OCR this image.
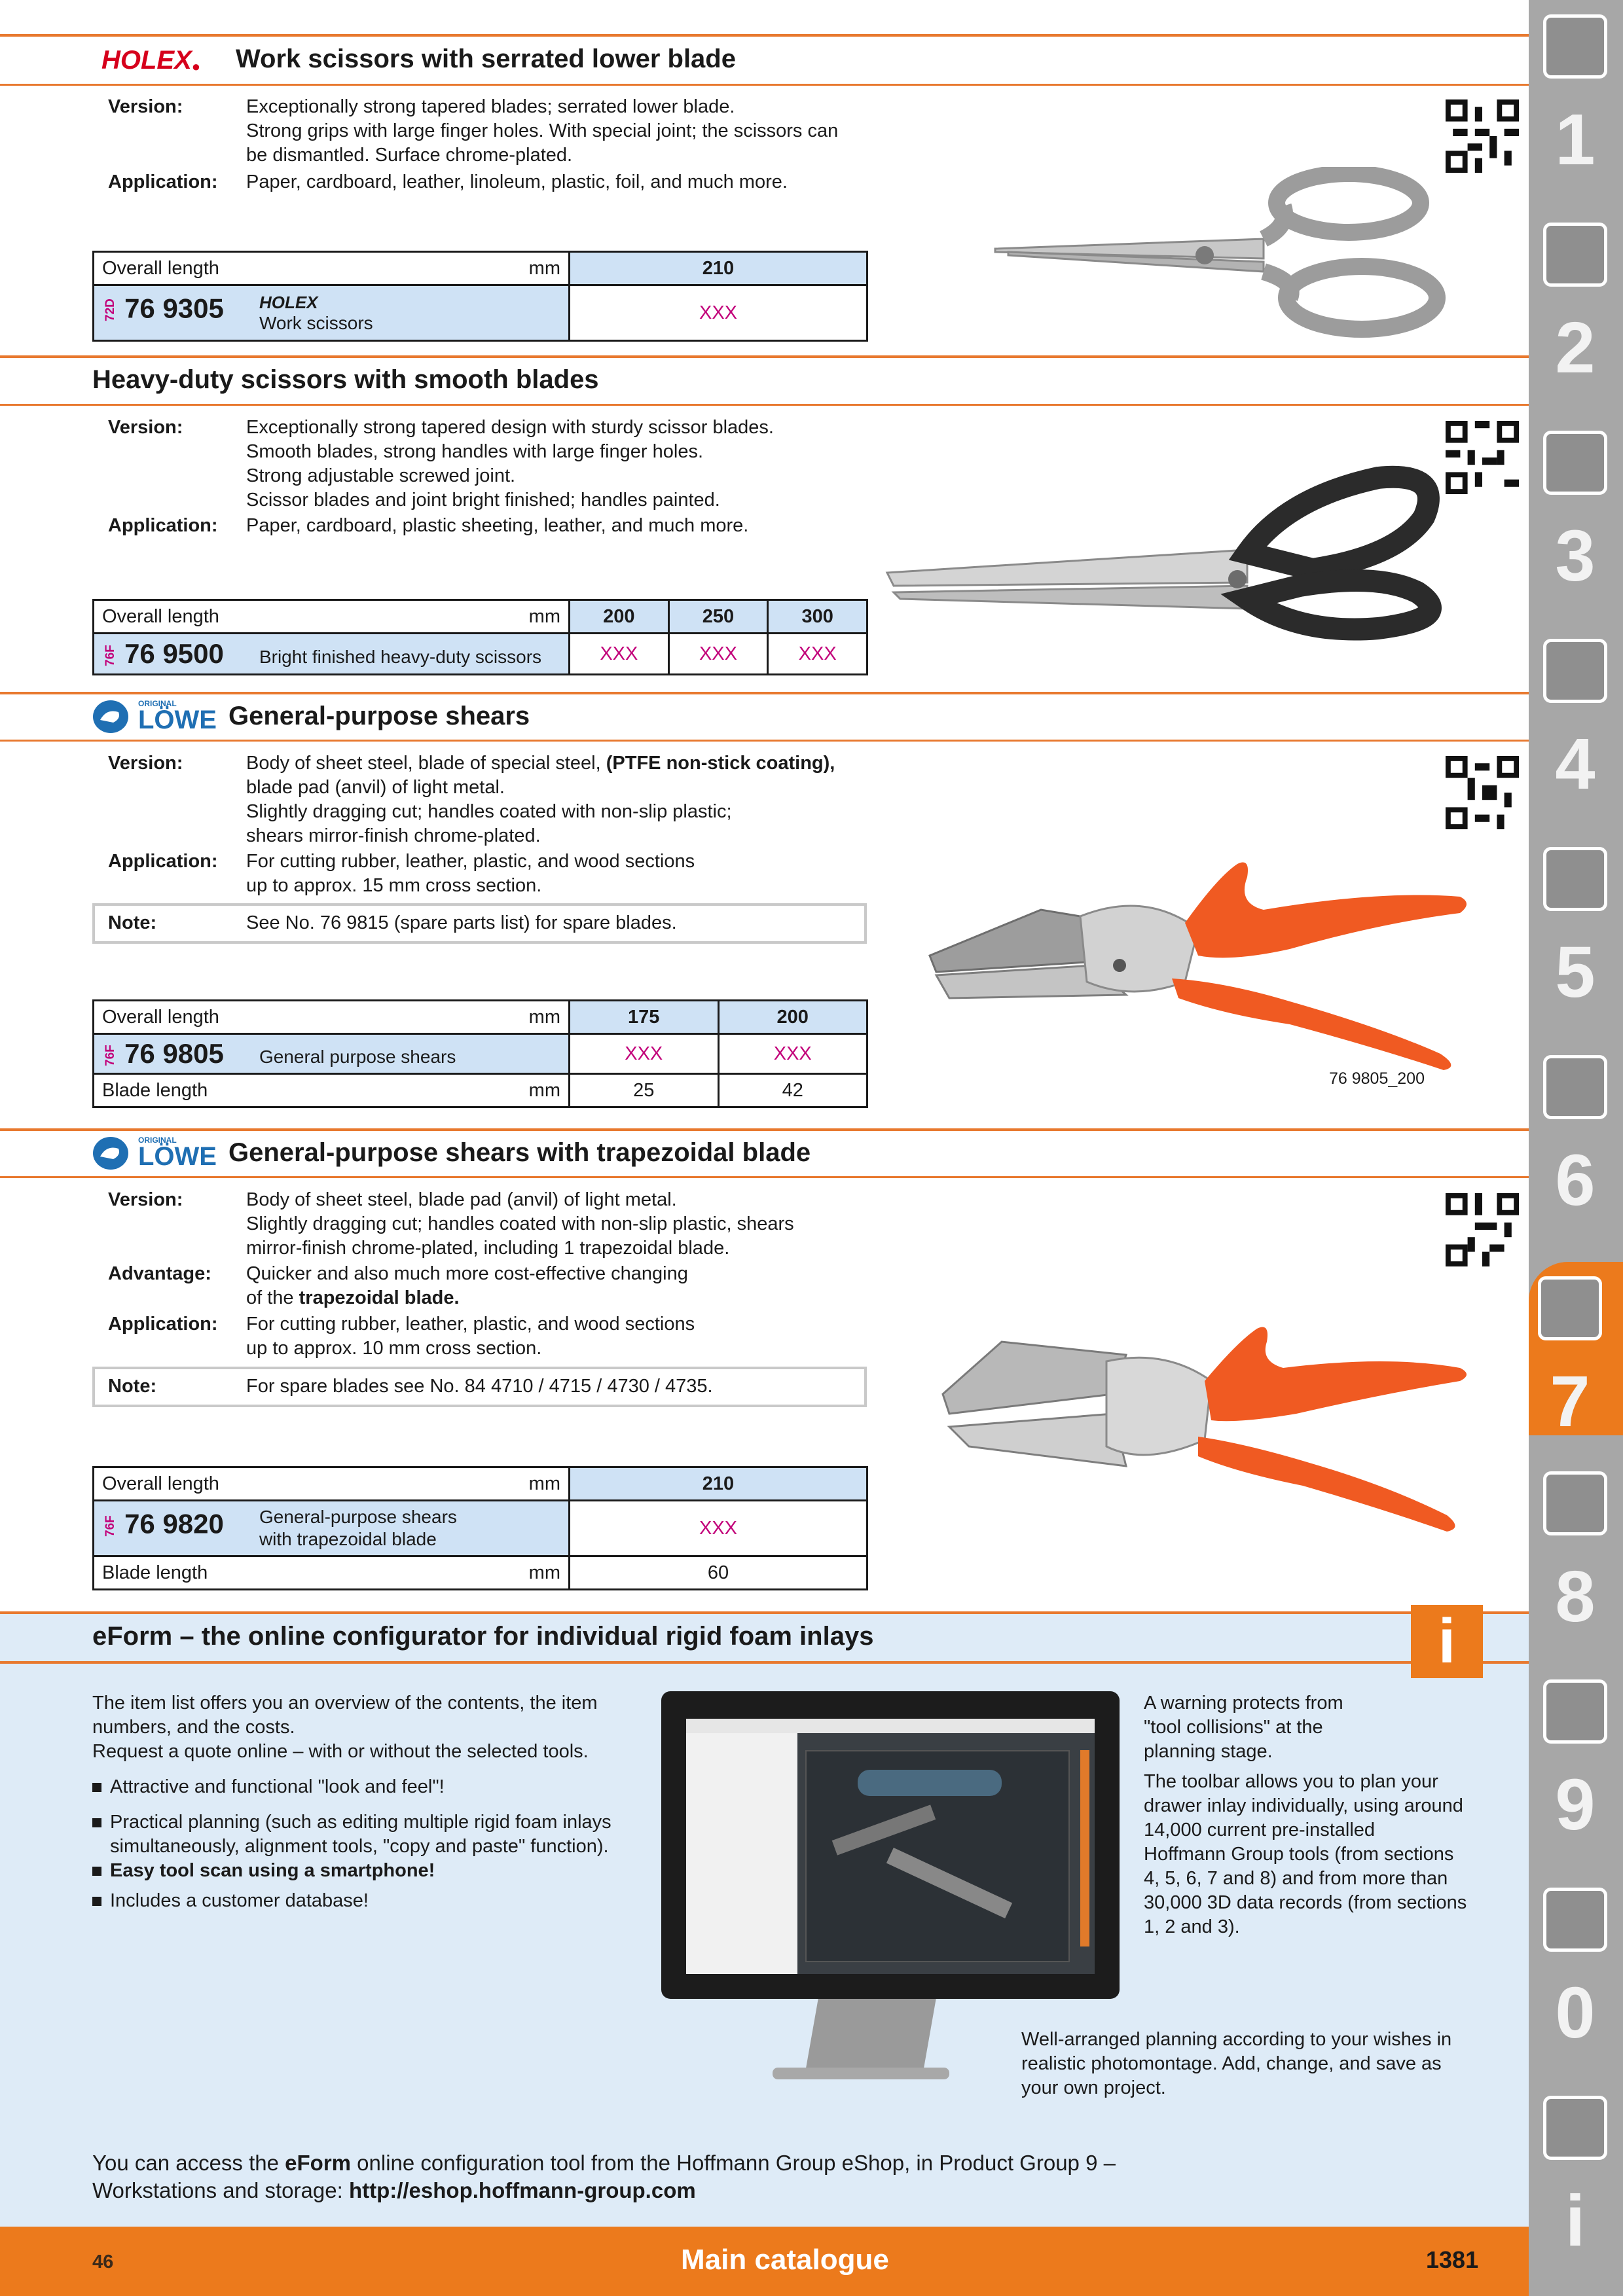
HOLEX● Work scissors with serrated lower blade
Version:	Exceptionally strong tapered blades; serrated lower blade.
Strong grips with large finger holes. With special joint; the scissors can
be dismantled. Surface chrome-plated.
Application: Paper, cardboard, leather, linoleum, plastic, foil, and much more.
Overall length mm	210
72D 76 9305 HOLEX
Work scissors	XXX
Heavy-duty scissors with smooth blades
Version:	Exceptionally strong tapered design with sturdy scissor blades.
Smooth blades, strong handles with large finger holes.
Strong adjustable screwed joint.
Scissor blades and joint bright finished; handles painted.
Application: Paper, cardboard, plastic sheeting, leather, and much more.
Overall length mm	200	250	300
76F 76 9500 Bright finished heavy-duty scissors	XXX	XXX	XXX
ORIGINAL
LÖWE General-purpose shears
Version:	Body of sheet steel, blade of special steel, (PTFE non-stick coating),
blade pad (anvil) of light metal.
Slightly dragging cut; handles coated with non-slip plastic;
shears mirror-finish chrome-plated.
Application: For cutting rubber, leather, plastic, and wood sections
up to approx. 15 mm cross section.
Note:	See No. 76 9815 (spare parts list) for spare blades.
Overall length mm	175	200
76F 76 9805 General purpose shears	XXX	XXX
Blade length mm	25	42
76 9805_200
ORIGINAL
LÖWE General-purpose shears with trapezoidal blade
Version:	Body of sheet steel, blade pad (anvil) of light metal.
Slightly dragging cut; handles coated with non-slip plastic, shears
mirror-finish chrome-plated, including 1 trapezoidal blade.
Advantage: Quicker and also much more cost-effective changing
of the trapezoidal blade.
Application: For cutting rubber, leather, plastic, and wood sections
up to approx. 10 mm cross section.
Note:	For spare blades see No. 84 4710 / 4715 / 4730 / 4735.
Overall length mm	210
76F 76 9820 General-purpose shears
with trapezoidal blade	XXX
Blade length mm	60
eForm – the online configurator for individual rigid foam inlays	i
The item list offers you an overview of the contents, the item
numbers, and the costs.
Request a quote online – with or without the selected tools.
Attractive and functional "look and feel"!
Practical planning (such as editing multiple rigid foam inlays
simultaneously, alignment tools, "copy and paste" function).
Easy tool scan using a smartphone!
Includes a customer database!
A warning protects from
"tool collisions" at the
planning stage.
The toolbar allows you to plan your
drawer inlay individually, using around
14,000 current pre-installed
Hoffmann Group tools (from sections
4, 5, 6, 7 and 8) and from more than
30,000 3D data records (from sections
1, 2 and 3).
Well-arranged planning according to your wishes in
realistic photomontage. Add, change, and save as
your own project.
You can access the eForm online configuration tool from the Hoffmann Group eShop, in Product Group 9 –
Workstations and storage: http://eshop.hoffmann-group.com
46	Main catalogue	1381
1
2
3
4
5
6
7
8
9
0
i
